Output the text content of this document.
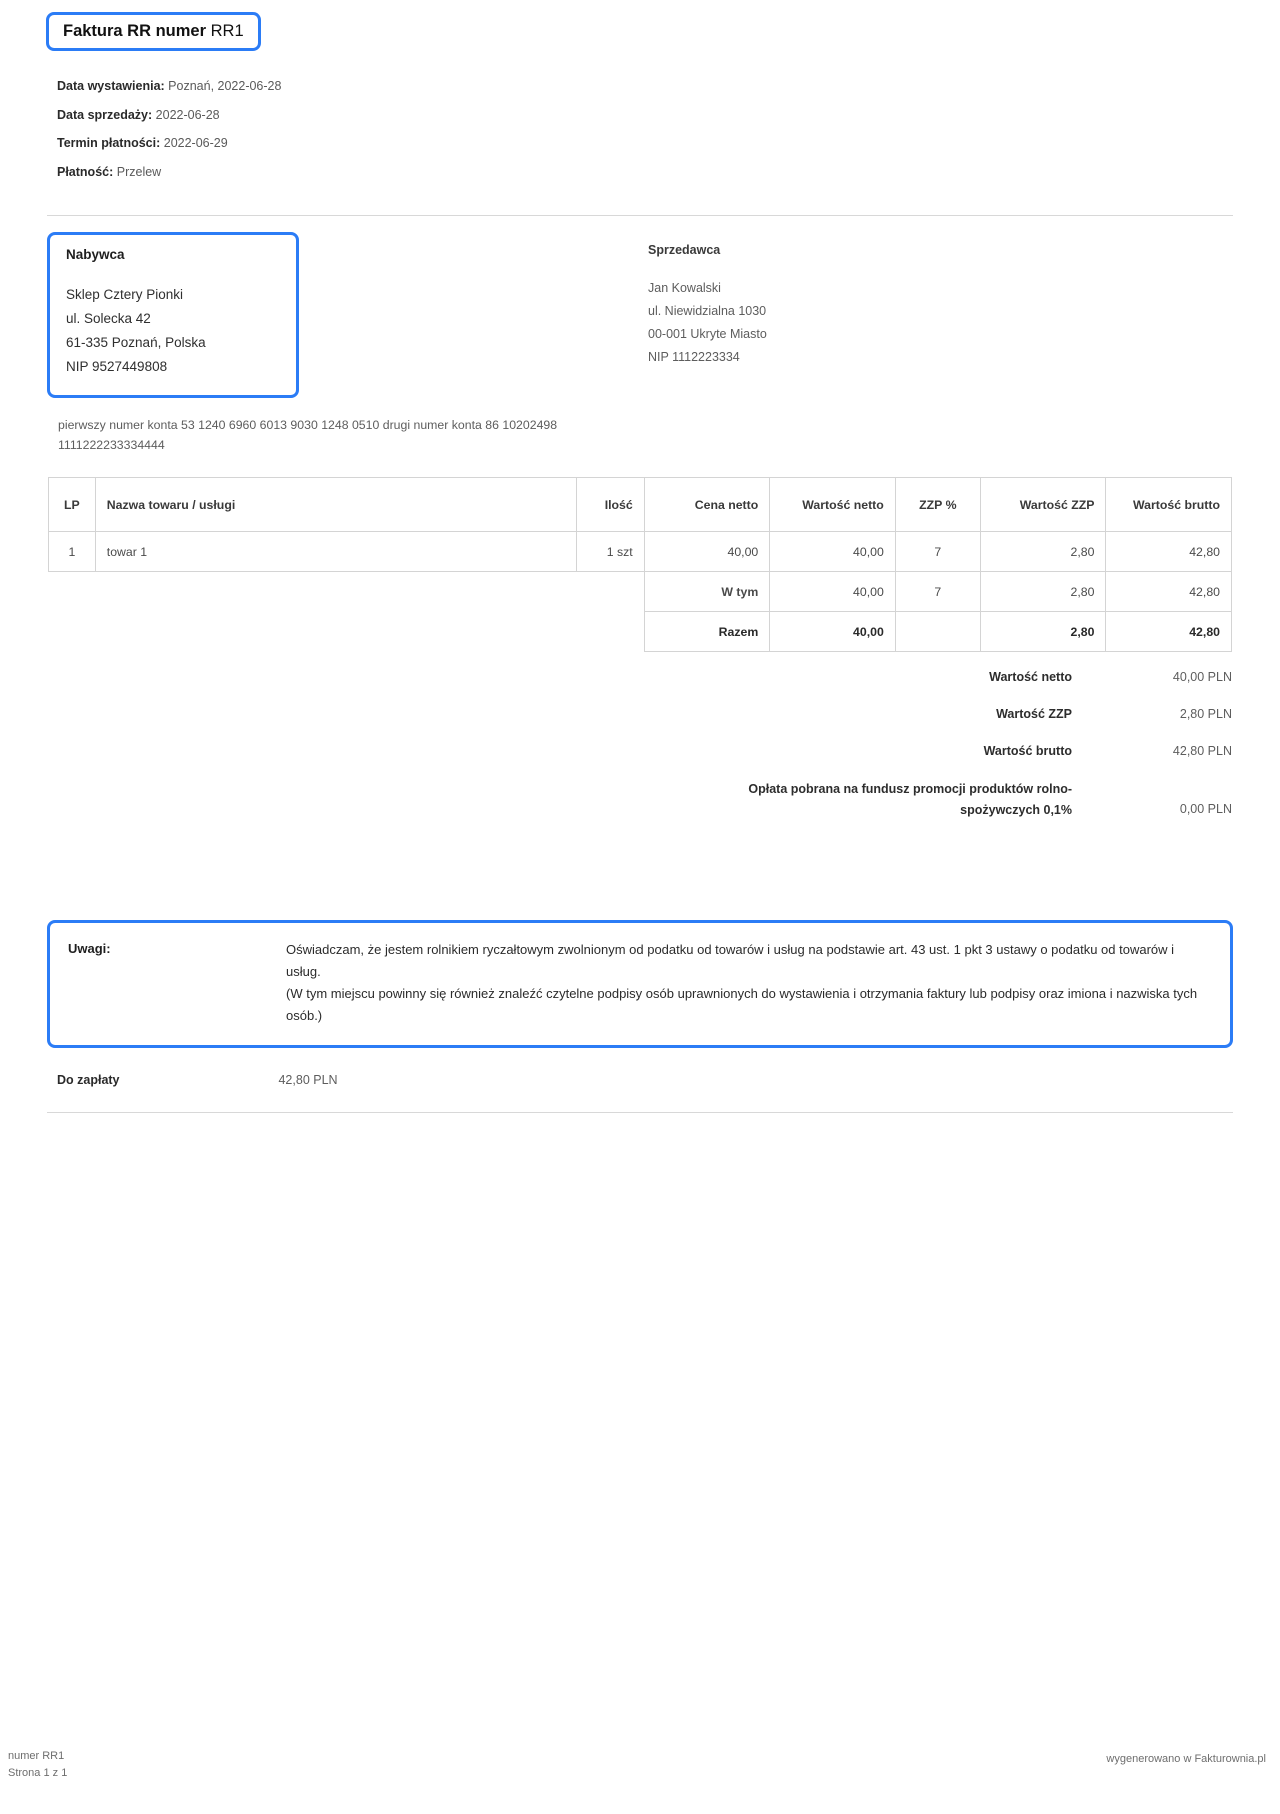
Faktura RR numer RR1
Data wystawienia: Poznań, 2022-06-28
Data sprzedaży: 2022-06-28
Termin płatności: 2022-06-29
Płatność: Przelew
Nabywca
Sklep Cztery Pionki
ul. Solecka 42
61-335 Poznań, Polska
NIP 9527449808
Sprzedawca
Jan Kowalski
ul. Niewidzialna 1030
00-001 Ukryte Miasto
NIP 1112223334
pierwszy numer konta 53 1240 6960 6013 9030 1248 0510 drugi numer konta 86 10202498 1111222233334444
LP	Nazwa towaru / usługi	Ilość	Cena netto	Wartość netto	ZZP %	Wartość ZZP	Wartość brutto
1	towar 1	1 szt	40,00	40,00	7	2,80	42,80
			W tym	40,00	7	2,80	42,80
			Razem	40,00		2,80	42,80
Wartość netto	40,00 PLN
Wartość ZZP	2,80 PLN
Wartość brutto	42,80 PLN
Opłata pobrana na fundusz promocji produktów rolno-spożywczych 0,1%	0,00 PLN
Uwagi:	Oświadczam, że jestem rolnikiem ryczałtowym zwolnionym od podatku od towarów i usług na podstawie art. 43 ust. 1 pkt 3 ustawy o podatku od towarów i usług.
(W tym miejscu powinny się również znaleźć czytelne podpisy osób uprawnionych do wystawienia i otrzymania faktury lub podpisy oraz imiona i nazwiska tych osób.)
Do zapłaty	42,80 PLN
numer RR1
Strona 1 z 1
wygenerowano w Fakturownia.pl
